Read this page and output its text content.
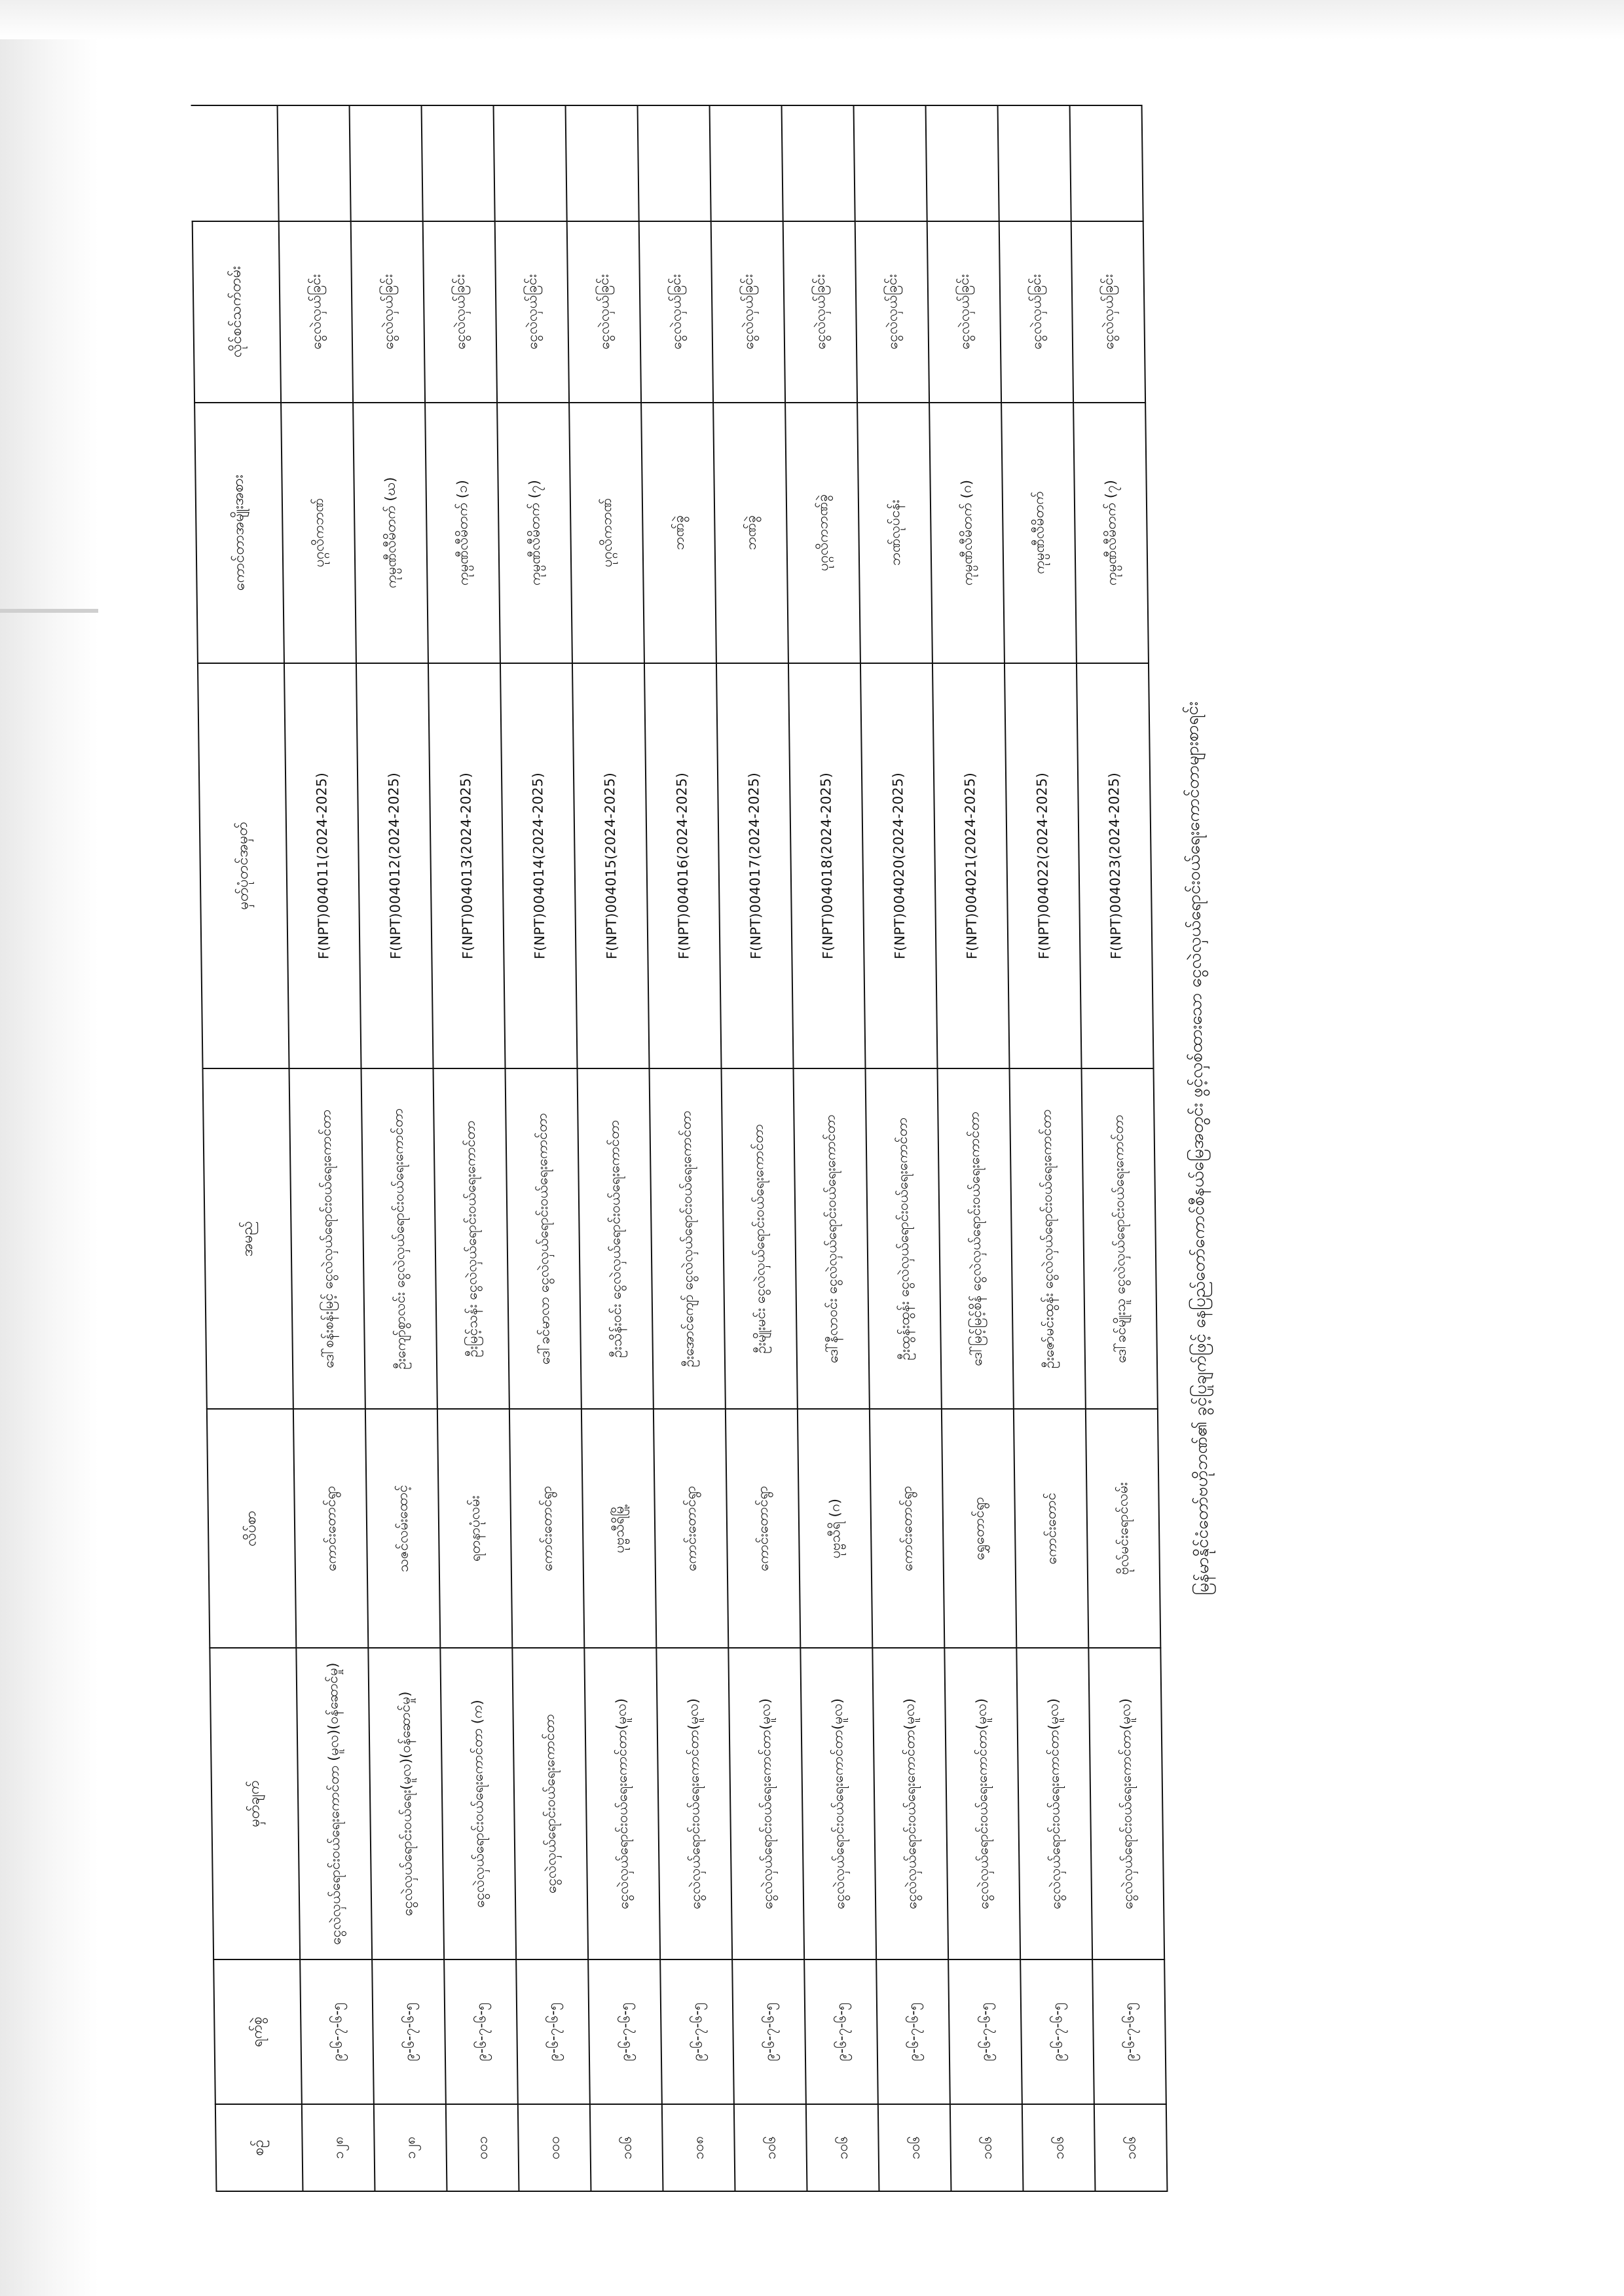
မြန်မာနိုင်ငံတော်ဗဟိုဘဏ်၏ ခွင့်ပြုချက်ဖြင့် နေပြည်တော်ကောင်စီနယ်မြေအတွင်း ဖွင့်လှစ်ထားသော ငွေလဲလှယ်ရောင်းဝယ်ရေးကောင်တာများစာရင်း
စဉ်	ရက်စွဲ	မှတ်ချက်	လိပ်စာ	အမည်	မှတ်ပုံတင်အမှတ်	ကောင်တာအမျိုးအစား	လိုင်စင်သက်တမ်း	
၁၂၈	၉-၆-၇-၆-၅	ငွေလဲလှယ်ရောင်းဝယ်ရေးကောင်တာ (မူလ)(ဝန်ဆောင်မှု)	ကောင်းတောင်ရွာ	ဒေါ်စန်းစန်းမြင့် ငွေလဲလှယ်ရောင်းဝယ်ရေးကောင်တာ	F(NPT)004011(2024-2025)	ပုဂ္ဂလိကဘဏ်	ငွေလဲလှယ်ခြင်း	
၁၂၈	၉-၆-၇-၆-၅	ငွေလဲလှယ်ရောင်းဝယ်ရေး(မူလ)(ဝန်ဆောင်မှု)	သဇင်လမ်းထောင့်	ဦးကျော်စွာလင်း ငွေလဲလှယ်ရောင်းဝယ်ရေးကောင်တာ	F(NPT)004012(2024-2025)	ကုမ္ပဏီလီမိတက် (ဃ)	ငွေလဲလှယ်ခြင်း	
၀၀၁	၉-၆-၇-၆-၅	ငွေလဲလှယ်ရောင်းဝယ်ရေးကောင်တာ (က)	ရတနာပုံလမ်း	ဦးမြင့်သန်း ငွေလဲလှယ်ရောင်းဝယ်ရေးကောင်တာ	F(NPT)004013(2024-2025)	ကုမ္ပဏီလီမိတက် (၁)	ငွေလဲလှယ်ခြင်း	
၀၀၀	၉-၆-၇-၆-၅	ငွေလဲလှယ်ရောင်းဝယ်ရေးကောင်တာ	ကောင်းတောင်ရွာ	ဒေါ်ခင်မာလာ ငွေလဲလှယ်ရောင်းဝယ်ရေးကောင်တာ	F(NPT)004014(2024-2025)	ကုမ္ပဏီလီမိတက် (၇)	ငွေလဲလှယ်ခြင်း	
၁၀၆	၉-၆-၇-၆-၅	ငွေလဲလှယ်ရောင်းဝယ်ရေးကောင်တာ(မူလ)	ပုဗ္ဗသီရိမြို့	ဦးသိန်းဝင်း ငွေလဲလှယ်ရောင်းဝယ်ရေးကောင်တာ	F(NPT)004015(2024-2025)	ပုဂ္ဂလိကဘဏ်	ငွေလဲလှယ်ခြင်း	
၁၀၈	၉-၆-၇-၆-၅	ငွေလဲလှယ်ရောင်းဝယ်ရေးကောင်တာ(မူလ)	ကောင်းတောင်ရွာ	ဦးအောင်ကျော် ငွေလဲလှယ်ရောင်းဝယ်ရေးကောင်တာ	F(NPT)004016(2024-2025)	ဘဏ်ခွဲ	ငွေလဲလှယ်ခြင်း	
၁၀၆	၉-၆-၇-၆-၅	ငွေလဲလှယ်ရောင်းဝယ်ရေးကောင်တာ(မူလ)	ကောင်းတောင်ရွာ	ဦးမျိုးမင်း ငွေလဲလှယ်ရောင်းဝယ်ရေးကောင်တာ	F(NPT)004017(2024-2025)	ဘဏ်ခွဲ	ငွေလဲလှယ်ခြင်း	
၁၀၆	၉-၆-၇-၆-၅	ငွေလဲလှယ်ရောင်းဝယ်ရေးကောင်တာ(မူလ)	ပုဗ္ဗသီရိ (ဂ)	ဒေါ်နီလာဝင်း ငွေလဲလှယ်ရောင်းဝယ်ရေးကောင်တာ	F(NPT)004018(2024-2025)	ပုဂ္ဂလိကဘဏ်ခွဲ	ငွေလဲလှယ်ခြင်း	
၁၀၆	၉-၆-၇-၆-၅	ငွေလဲလှယ်ရောင်းဝယ်ရေးကောင်တာ(မူလ)	ကောင်းတောင်ရွာ	ဦးထွန်းထွန်း ငွေလဲလှယ်ရောင်းဝယ်ရေးကောင်တာ	F(NPT)004020(2024-2025)	ဘဏ်လုပ်ငန်း	ငွေလဲလှယ်ခြင်း	
၁၀၆	၉-၆-၇-၆-၅	ငွေလဲလှယ်ရောင်းဝယ်ရေးကောင်တာ(မူလ)	ရွှေတောင်ရွာ	ဒေါ်မြင့်မြင့်စိန် ငွေလဲလှယ်ရောင်းဝယ်ရေးကောင်တာ	F(NPT)004021(2024-2025)	ကုမ္ပဏီလီမိတက် (ဂ)	ငွေလဲလှယ်ခြင်း	
၁၀၆	၉-၆-၇-၆-၅	ငွေလဲလှယ်ရောင်းဝယ်ရေးကောင်တာ(မူလ)	ကောင်းတောင်	ဦးဇော်မင်းထွန်း ငွေလဲလှယ်ရောင်းဝယ်ရေးကောင်တာ	F(NPT)004022(2024-2025)	ကုမ္ပဏီလီမိတက်	ငွေလဲလှယ်ခြင်း	
၁၀၆	၉-၆-၇-၆-၅	ငွေလဲလှယ်ရောင်းဝယ်ရေးကောင်တာ(မူလ)	ဗိုလ်မင်းရောင်လမ်း	ဒေါ်ခင်မျိုးသူ ငွေလဲလှယ်ရောင်းဝယ်ရေးကောင်တာ	F(NPT)004023(2024-2025)	ကုမ္ပဏီလီမိတက် (၇)	ငွေလဲလှယ်ခြင်း	
